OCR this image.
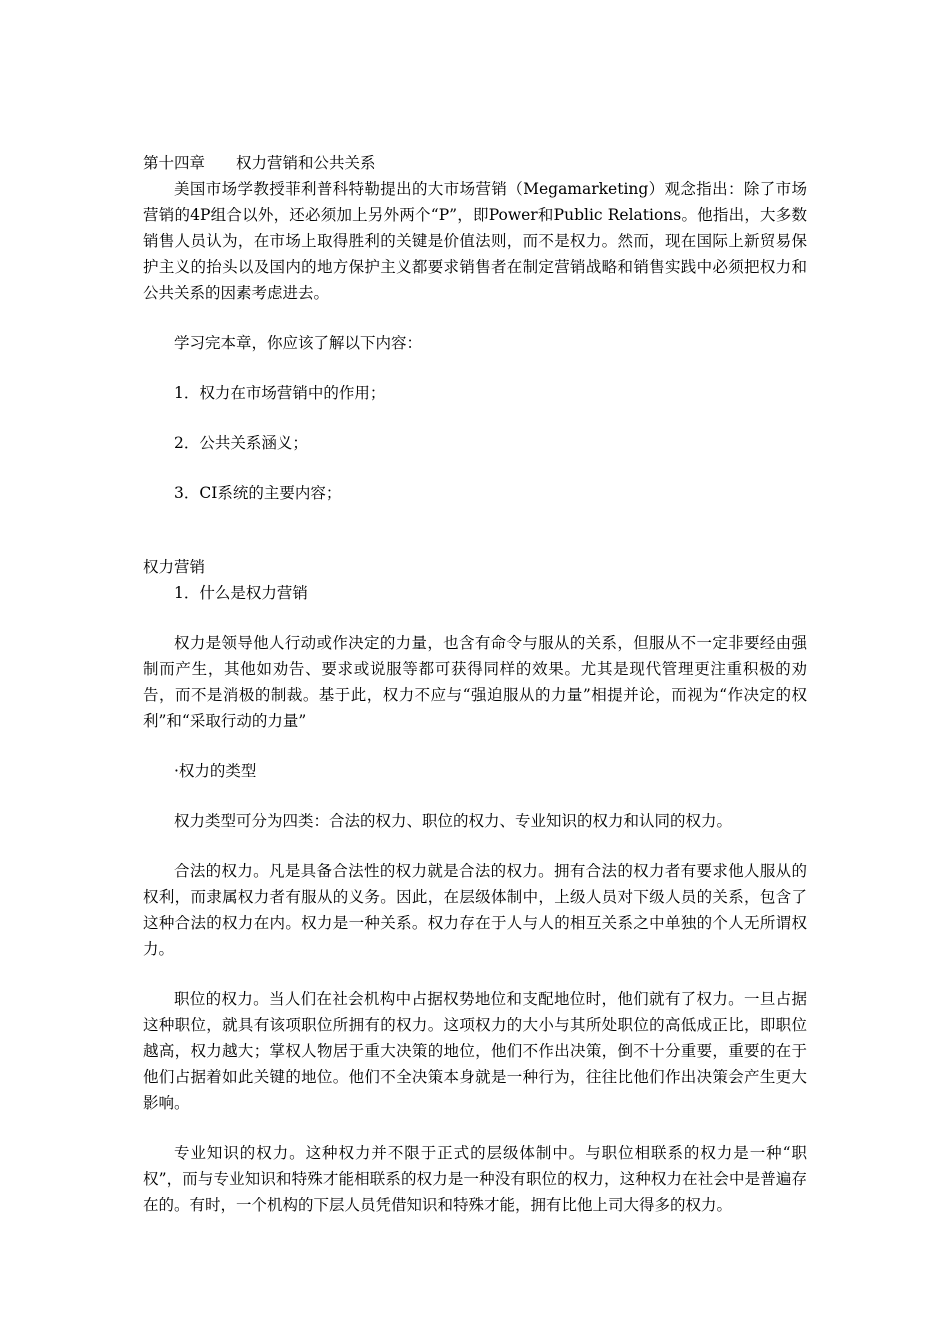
第十四章 权力营销和公共关系

美国市场学教授菲利普科特勒提出的大市场营销（Megamarketing）观念指出：除了市场营销的4P组合以外，还必须加上另外两个“P”，即Power和Public Relations。他指出，大多数销售人员认为，在市场上取得胜利的关键是价值法则，而不是权力。然而，现在国际上新贸易保护主义的抬头以及国内的地方保护主义都要求销售者在制定营销战略和销售实践中必须把权力和公共关系的因素考虑进去。

学习完本章，你应该了解以下内容：

1．权力在市场营销中的作用；

2．公共关系涵义；

3．CI系统的主要内容；

权力营销

1．什么是权力营销

权力是领导他人行动或作决定的力量，也含有命令与服从的关系，但服从不一定非要经由强制而产生，其他如劝告、要求或说服等都可获得同样的效果。尤其是现代管理更注重积极的劝告，而不是消极的制裁。基于此，权力不应与“强迫服从的力量”相提并论，而视为“作决定的权利”和“采取行动的力量”

·权力的类型

权力类型可分为四类：合法的权力、职位的权力、专业知识的权力和认同的权力。

合法的权力。凡是具备合法性的权力就是合法的权力。拥有合法的权力者有要求他人服从的权利，而隶属权力者有服从的义务。因此，在层级体制中，上级人员对下级人员的关系，包含了这种合法的权力在内。权力是一种关系。权力存在于人与人的相互关系之中单独的个人无所谓权力。

职位的权力。当人们在社会机构中占据权势地位和支配地位时，他们就有了权力。一旦占据这种职位，就具有该项职位所拥有的权力。这项权力的大小与其所处职位的高低成正比，即职位越高，权力越大；掌权人物居于重大决策的地位，他们不作出决策，倒不十分重要，重要的在于他们占据着如此关键的地位。他们不全决策本身就是一种行为，往往比他们作出决策会产生更大影响。

专业知识的权力。这种权力并不限于正式的层级体制中。与职位相联系的权力是一种“职权”，而与专业知识和特殊才能相联系的权力是一种没有职位的权力，这种权力在社会中是普遍存在的。有时，一个机构的下层人员凭借知识和特殊才能，拥有比他上司大得多的权力。
